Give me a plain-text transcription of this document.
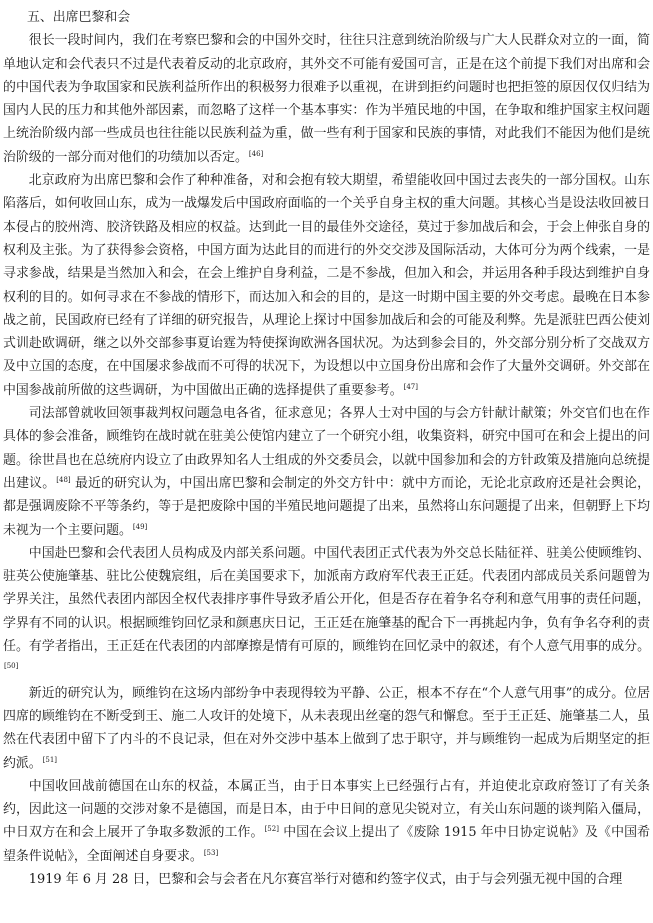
五、出席巴黎和会

很长一段时间内，我们在考察巴黎和会的中国外交时，往往只注意到统治阶级与广大人民群众对立的一面，简单地认定和会代表只不过是代表着反动的北京政府，其外交不可能有爱国可言，正是在这个前提下我们对出席和会的中国代表为争取国家和民族利益所作出的积极努力很难予以重视，在讲到拒约问题时也把拒签的原因仅仅归结为国内人民的压力和其他外部因素，而忽略了这样一个基本事实：作为半殖民地的中国，在争取和维护国家主权问题上统治阶级内部一些成员也往往能以民族利益为重，做一些有利于国家和民族的事情，对此我们不能因为他们是统治阶级的一部分而对他们的功绩加以否定。[46]

北京政府为出席巴黎和会作了种种准备，对和会抱有较大期望，希望能收回中国过去丧失的一部分国权。山东陷落后，如何收回山东，成为一战爆发后中国政府面临的一个关乎自身主权的重大问题。其核心当是设法收回被日本侵占的胶州湾、胶济铁路及相应的权益。达到此一目的最佳外交途径，莫过于参加战后和会，于会上伸张自身的权利及主张。为了获得参会资格，中国方面为达此目的而进行的外交交涉及国际活动，大体可分为两个线索，一是寻求参战，结果是当然加入和会，在会上维护自身利益，二是不参战，但加入和会，并运用各种手段达到维护自身权利的目的。如何寻求在不参战的情形下，而达加入和会的目的，是这一时期中国主要的外交考虑。最晚在日本参战之前，民国政府已经有了详细的研究报告，从理论上探讨中国参加战后和会的可能及利弊。先是派驻巴西公使刘式训赴欧调研，继之以外交部参事夏诒霆为特使探询欧洲各国状况。为达到参会目的，外交部分别分析了交战双方及中立国的态度，在中国屡求参战而不可得的状况下，为设想以中立国身份出席和会作了大量外交调研。外交部在中国参战前所做的这些调研，为中国做出正确的选择提供了重要参考。[47]

司法部曾就收回领事裁判权问题急电各省，征求意见；各界人士对中国的与会方针献计献策；外交官们也在作具体的参会准备，顾维钧在战时就在驻美公使馆内建立了一个研究小组，收集资料，研究中国可在和会上提出的问题。徐世昌也在总统府内设立了由政界知名人士组成的外交委员会，以就中国参加和会的方针政策及措施向总统提出建议。[48] 最近的研究认为，中国出席巴黎和会制定的外交方针中：就中方而论，无论北京政府还是社会舆论，都是强调废除不平等条约，等于是把废除中国的半殖民地问题提了出来，虽然将山东问题提了出来，但朝野上下均未视为一个主要问题。[49]

中国赴巴黎和会代表团人员构成及内部关系问题。中国代表团正式代表为外交总长陆征祥、驻美公使顾维钧、驻英公使施肇基、驻比公使魏宸组，后在美国要求下，加派南方政府军代表王正廷。代表团内部成员关系问题曾为学界关注，虽然代表团内部因全权代表排序事件导致矛盾公开化，但是否存在着争名夺利和意气用事的责任问题，学界有不同的认识。根据顾维钧回忆录和颜惠庆日记，王正廷在施肇基的配合下一再挑起内争，负有争名夺利的责任。有学者指出，王正廷在代表团的内部摩擦是情有可原的，顾维钧在回忆录中的叙述，有个人意气用事的成分。[50]

新近的研究认为，顾维钧在这场内部纷争中表现得较为平静、公正，根本不存在“个人意气用事”的成分。位居四席的顾维钧在不断受到王、施二人攻讦的处境下，从未表现出丝毫的怨气和懈怠。至于王正廷、施肇基二人，虽然在代表团中留下了内斗的不良记录，但在对外交涉中基本上做到了忠于职守，并与顾维钧一起成为后期坚定的拒约派。[51]

中国收回战前德国在山东的权益，本属正当，由于日本事实上已经强行占有，并迫使北京政府签订了有关条约，因此这一问题的交涉对象不是德国，而是日本，由于中日间的意见尖锐对立，有关山东问题的谈判陷入僵局，中日双方在和会上展开了争取多数派的工作。[52] 中国在会议上提出了《废除 1915 年中日协定说帖》及《中国希望条件说帖》，全面阐述自身要求。[53]

1919 年 6 月 28 日，巴黎和会与会者在凡尔赛宫举行对德和约签字仪式，由于与会列强无视中国的合理
